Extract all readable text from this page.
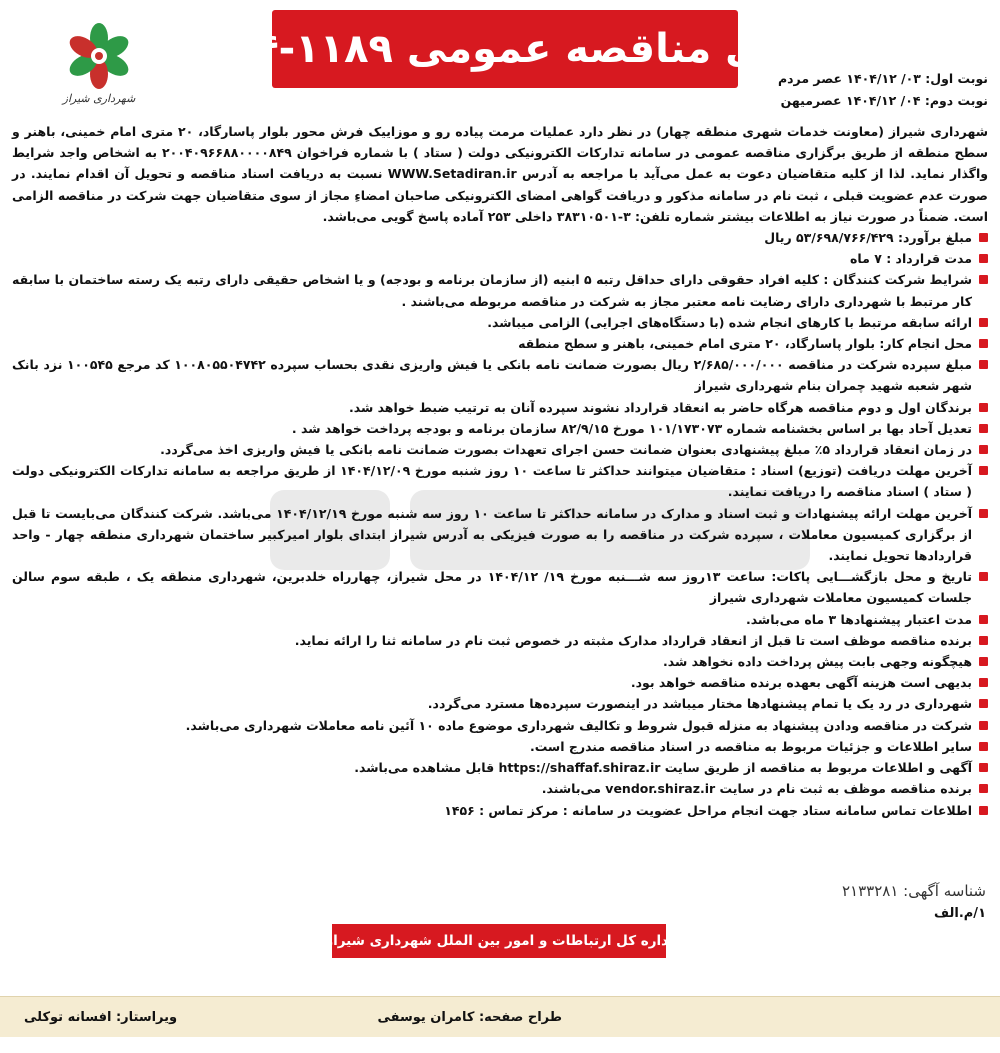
شهرداری شیراز
آگهی مناقصه عمومی ۱۱۸۹-۱۴۰۴
نوبت اول: ۰۳/ ۱۴۰۴/۱۲ عصر مردم
نوبت دوم: ۰۴/ ۱۴۰۴/۱۲ عصرمیهن

شهرداری شیراز (معاونت خدمات شهری منطقه چهار) در نظر دارد عملیات مرمت پیاده رو و موزاییک فرش محور بلوار پاسارگاد، ۲۰ متری امام خمینی، باهنر و سطح منطقه از طریق برگزاری مناقصه عمومی در سامانه تدارکات الکترونیکی دولت ( ستاد ) با شماره فراخوان ۲۰۰۴۰۹۶۶۸۸۰۰۰۰۸۴۹ به اشخاص واجد شرایط واگذار نماید. لذا از کلیه متقاضیان دعوت به عمل می‌آید با مراجعه به آدرس WWW.Setadiran.ir نسبت به دریافت اسناد مناقصه و تحویل آن اقدام نمایند. در صورت عدم عضویت قبلی ، ثبت نام در سامانه مذکور و دریافت گواهی امضای الکترونیکی صاحبان امضاءِ مجاز از سوی متقاضیان جهت شرکت در مناقصه الزامی است. ضمناً در صورت نیاز به اطلاعات بیشتر شماره تلفن: ۳-۳۸۳۱۰۵۰۱ داخلی ۲۵۳ آماده پاسخ گویی می‌باشد.

مبلغ برآورد: ۵۳/۶۹۸/۷۶۶/۴۲۹ ریال
مدت قرارداد : ۷ ماه
شرایط شرکت کنندگان : کلیه افراد حقوقی دارای حداقل رتبه ۵ ابنیه (از سازمان برنامه و بودجه) و یا اشخاص حقیقی دارای رتبه یک رسته ساختمان با سابقه کار مرتبط با شهرداری دارای رضایت نامه معتبر مجاز به شرکت در مناقصه مربوطه می‌باشند .
ارائه سابقه مرتبط با کارهای انجام شده (با دستگاه‌های اجرایی) الزامی میباشد.
محل انجام کار: بلوار پاسارگاد، ۲۰ متری امام خمینی، باهنر و سطح منطقه
مبلغ سپرده شرکت در مناقصه ۲/۶۸۵/۰۰۰/۰۰۰ ریال بصورت ضمانت نامه بانکی یا فیش واریزی نقدی بحساب سپرده ۱۰۰۸۰۵۵۰۴۷۴۲ کد مرجع ۱۰۰۵۴۵ نزد بانک شهر شعبه شهید چمران بنام شهرداری شیراز
برندگان اول و دوم مناقصه هرگاه حاضر به انعقاد قرارداد نشوند سپرده آنان به ترتیب ضبط خواهد شد.
تعدیل آحاد بها بر اساس بخشنامه شماره ۱۰۱/۱۷۳۰۷۳ مورخ ۸۲/۹/۱۵ سازمان برنامه و بودجه پرداخت خواهد شد .
در زمان انعقاد قرارداد ۵٪ مبلغ پیشنهادی بعنوان ضمانت حسن اجرای تعهدات بصورت ضمانت نامه بانکی یا فیش واریزی اخذ می‌گردد.
آخرین مهلت دریافت (توزیع) اسناد : متقاضیان میتوانند حداکثر تا ساعت ۱۰ روز شنبه مورخ ۱۴۰۴/۱۲/۰۹ از طریق مراجعه به سامانه تدارکات الکترونیکی دولت ( ستاد ) اسناد مناقصه را دریافت نمایند.
آخرین مهلت ارائه پیشنهادات و ثبت اسناد و مدارک در سامانه حداکثر تا ساعت ۱۰ روز سه شنبه مورخ ۱۴۰۴/۱۲/۱۹ می‌باشد. شرکت کنندگان می‌بایست تا قبل از برگزاری کمیسیون معاملات ، سپرده شرکت در مناقصه را به صورت فیزیکی به آدرس شیراز ابتدای بلوار امیرکبیر ساختمان شهرداری منطقه چهار - واحد قراردادها تحویل نمایند.
تاریخ و محل بازگشـــایی پاکات: ساعت ۱۳روز سه شـــنبه مورخ ۱۹/ ۱۴۰۴/۱۲ در محل شیراز، چهارراه خلدبرین، شهرداری منطقه یک ، طبقه سوم سالن جلسات کمیسیون معاملات شهرداری شیراز
مدت اعتبار پیشنهادها ۳ ماه می‌باشد.
برنده مناقصه موظف است تا قبل از انعقاد قرارداد مدارک مثبته در خصوص ثبت نام در سامانه ثنا را ارائه نماید.
هیچگونه وجهی بابت پیش پرداخت داده نخواهد شد.
بدیهی است هزینه آگهی بعهده برنده مناقصه خواهد بود.
شهرداری در رد یک یا تمام پیشنهادها مختار میباشد در اینصورت سپرده‌ها مسترد می‌گردد.
شرکت در مناقصه ودادن پیشنهاد به منزله قبول شروط و تکالیف شهرداری موضوع ماده ۱۰ آئین نامه معاملات شهرداری می‌باشد.
سایر اطلاعات و جزئیات مربوط به مناقصه در اسناد مناقصه مندرج است.
آگهی و اطلاعات مربوط به مناقصه از طریق سایت https://shaffaf.shiraz.ir قابل مشاهده می‌باشد.
برنده مناقصه موظف به ثبت نام در سایت vendor.shiraz.ir می‌باشند.
اطلاعات تماس سامانه ستاد جهت انجام مراحل عضویت در سامانه : مرکز تماس : ۱۴۵۶
شناسه آگهی: ۲۱۳۳۲۸۱
۱/م.الف
اداره کل ارتباطات و امور بین الملل شهرداری شیراز
طراح صفحه: کامران یوسفی
ویراستار: افسانه توکلی
